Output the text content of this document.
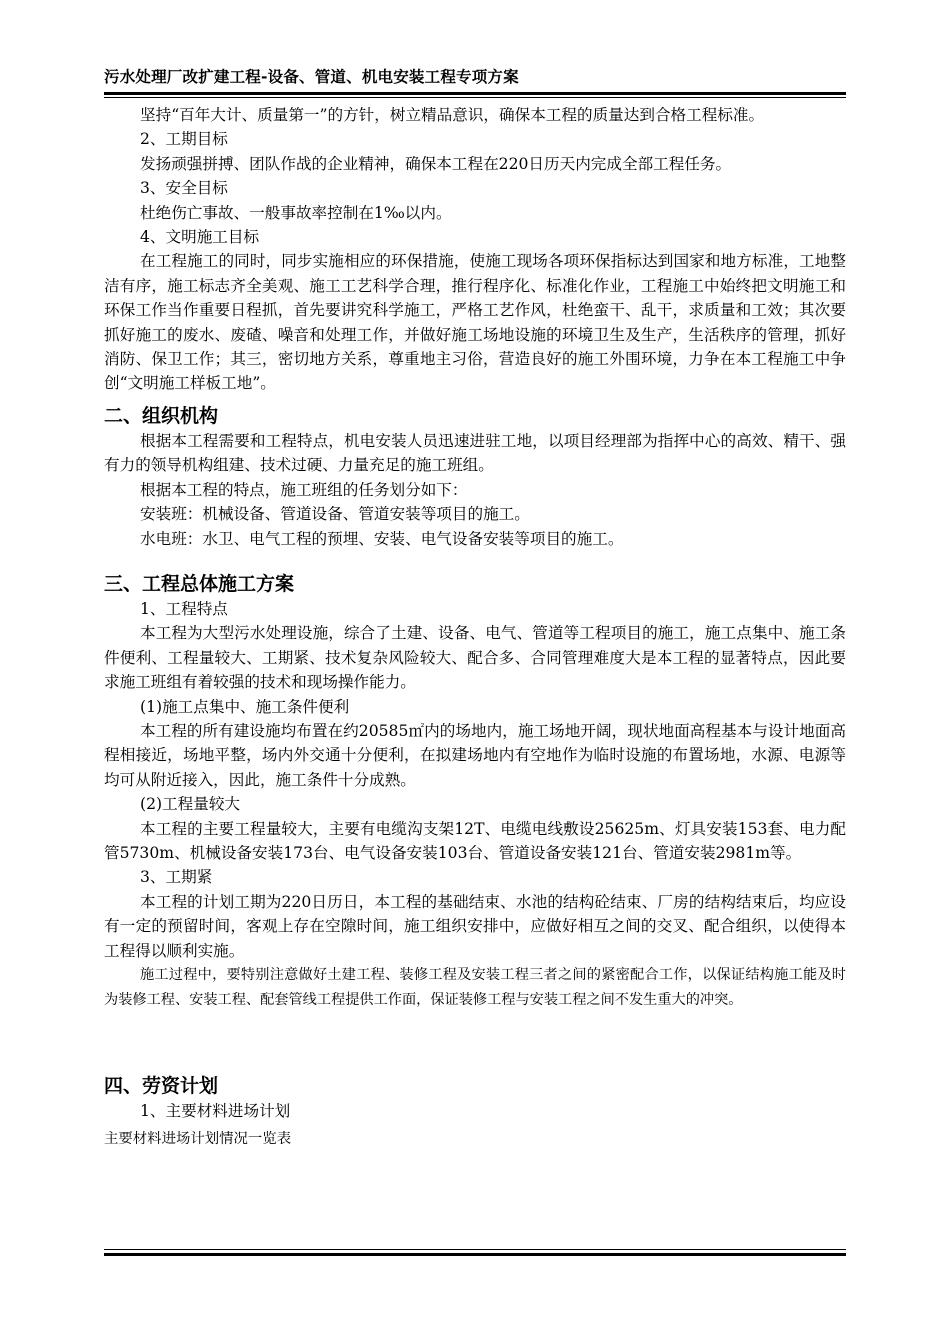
污水处理厂改扩建工程-设备、管道、机电安装工程专项方案

坚持“百年大计、质量第一”的方针，树立精品意识，确保本工程的质量达到合格工程标准。

2、工期目标

发扬顽强拼搏、团队作战的企业精神，确保本工程在220日历天内完成全部工程任务。

3、安全目标

杜绝伤亡事故、一般事故率控制在1‰以内。

4、文明施工目标

在工程施工的同时，同步实施相应的环保措施，使施工现场各项环保指标达到国家和地方标准，工地整洁有序，施工标志齐全美观、施工工艺科学合理，推行程序化、标准化作业，工程施工中始终把文明施工和环保工作当作重要日程抓，首先要讲究科学施工，严格工艺作风，杜绝蛮干、乱干，求质量和工效；其次要抓好施工的废水、废碴、噪音和处理工作，并做好施工场地设施的环境卫生及生产，生活秩序的管理，抓好消防、保卫工作；其三，密切地方关系，尊重地主习俗，营造良好的施工外围环境，力争在本工程施工中争创“文明施工样板工地”。

二、组织机构

根据本工程需要和工程特点，机电安装人员迅速进驻工地，以项目经理部为指挥中心的高效、精干、强有力的领导机构组建、技术过硬、力量充足的施工班组。

根据本工程的特点，施工班组的任务划分如下：

安装班：机械设备、管道设备、管道安装等项目的施工。

水电班：水卫、电气工程的预埋、安装、电气设备安装等项目的施工。

三、工程总体施工方案

1、工程特点

本工程为大型污水处理设施，综合了土建、设备、电气、管道等工程项目的施工，施工点集中、施工条件便利、工程量较大、工期紧、技术复杂风险较大、配合多、合同管理难度大是本工程的显著特点，因此要求施工班组有着较强的技术和现场操作能力。

(1)施工点集中、施工条件便利

本工程的所有建设施均布置在约20585㎡内的场地内，施工场地开阔，现状地面高程基本与设计地面高程相接近，场地平整，场内外交通十分便利，在拟建场地内有空地作为临时设施的布置场地，水源、电源等均可从附近接入，因此，施工条件十分成熟。

(2)工程量较大

本工程的主要工程量较大，主要有电缆沟支架12T、电缆电线敷设25625m、灯具安装153套、电力配管5730m、机械设备安装173台、电气设备安装103台、管道设备安装121台、管道安装2981m等。

3、工期紧

本工程的计划工期为220日历日，本工程的基础结束、水池的结构砼结束、厂房的结构结束后，均应设有一定的预留时间，客观上存在空隙时间，施工组织安排中，应做好相互之间的交叉、配合组织，以使得本工程得以顺利实施。

施工过程中，要特别注意做好土建工程、装修工程及安装工程三者之间的紧密配合工作，以保证结构施工能及时为装修工程、安装工程、配套管线工程提供工作面，保证装修工程与安装工程之间不发生重大的冲突。

四、劳资计划

1、主要材料进场计划

主要材料进场计划情况一览表
